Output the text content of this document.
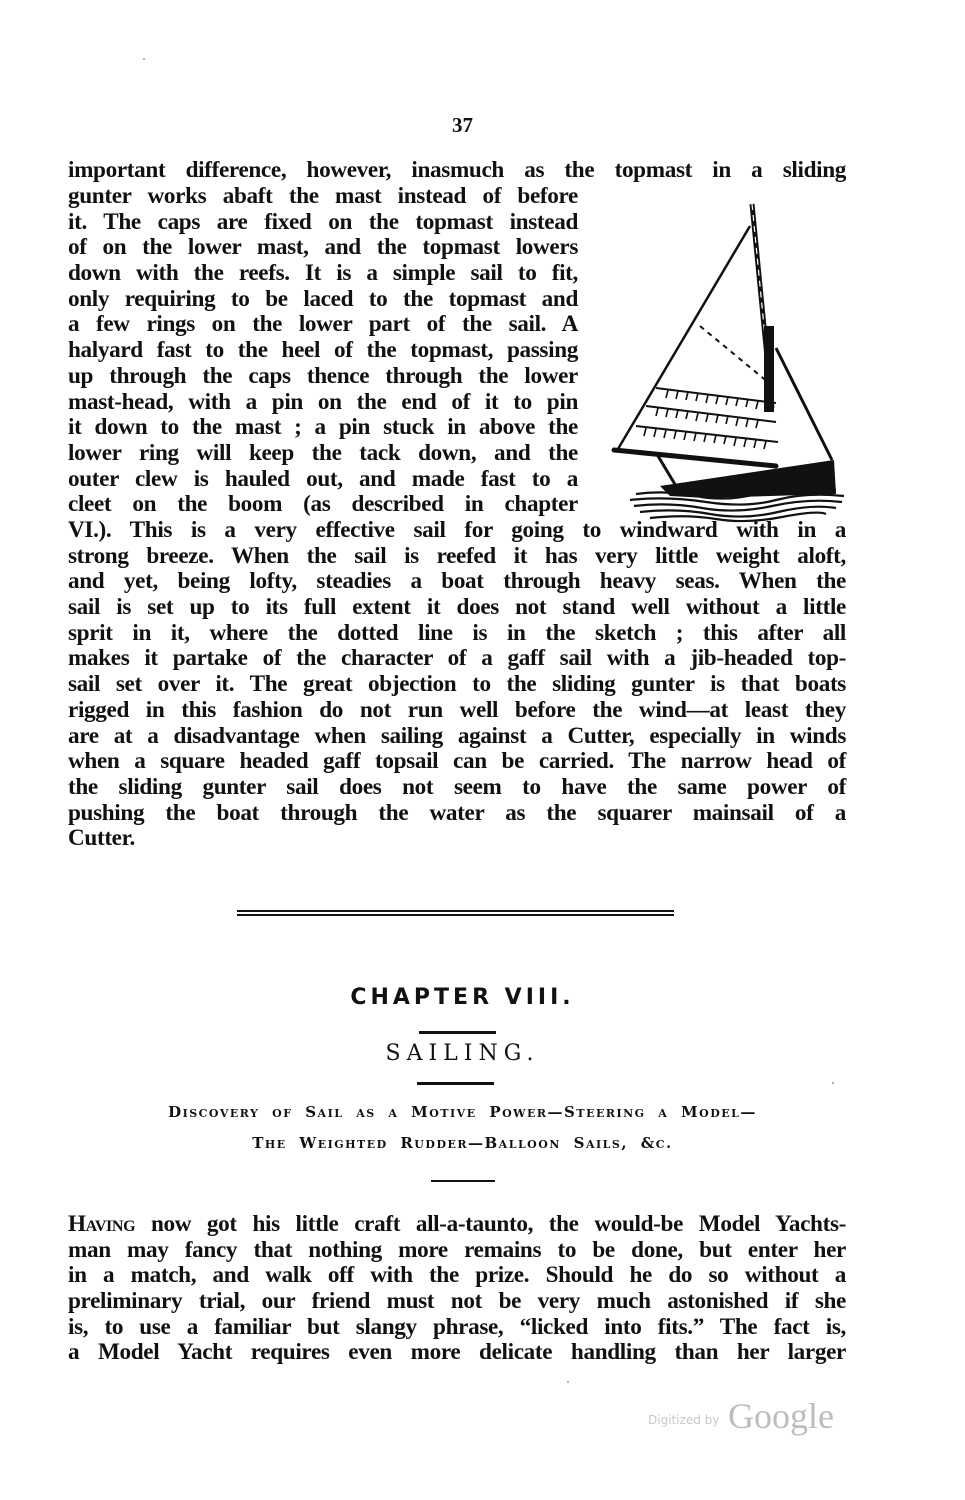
37
important difference, however, inasmuch as the topmast in a sliding
gunter works abaft the mast instead of before
it. The caps are fixed on the topmast instead
of on the lower mast, and the topmast lowers
down with the reefs. It is a simple sail to fit,
only requiring to be laced to the topmast and
a few rings on the lower part of the sail. A
halyard fast to the heel of the topmast, passing
up through the caps thence through the lower
mast-head, with a pin on the end of it to pin
it down to the mast ; a pin stuck in above the
lower ring will keep the tack down, and the
outer clew is hauled out, and made fast to a
cleet on the boom (as described in chapter
VI.). This is a very effective sail for going to windward with in a
strong breeze. When the sail is reefed it has very little weight aloft,
and yet, being lofty, steadies a boat through heavy seas. When the
sail is set up to its full extent it does not stand well without a little
sprit in it, where the dotted line is in the sketch ; this after all
makes it partake of the character of a gaff sail with a jib-headed top-
sail set over it. The great objection to the sliding gunter is that boats
rigged in this fashion do not run well before the wind—at least they
are at a disadvantage when sailing against a Cutter, especially in winds
when a square headed gaff topsail can be carried. The narrow head of
the sliding gunter sail does not seem to have the same power of
pushing the boat through the water as the squarer mainsail of a
Cutter.
CHAPTER VIII.
SAILING.
Discovery of Sail as a Motive Power—Steering a Model—
The Weighted Rudder—Balloon Sails, &c.
Having now got his little craft all-a-taunto, the would-be Model Yachts-
man may fancy that nothing more remains to be done, but enter her
in a match, and walk off with the prize. Should he do so without a
preliminary trial, our friend must not be very much astonished if she
is, to use a familiar but slangy phrase, “licked into fits.” The fact is,
a Model Yacht requires even more delicate handling than her larger
Digitized by Google
